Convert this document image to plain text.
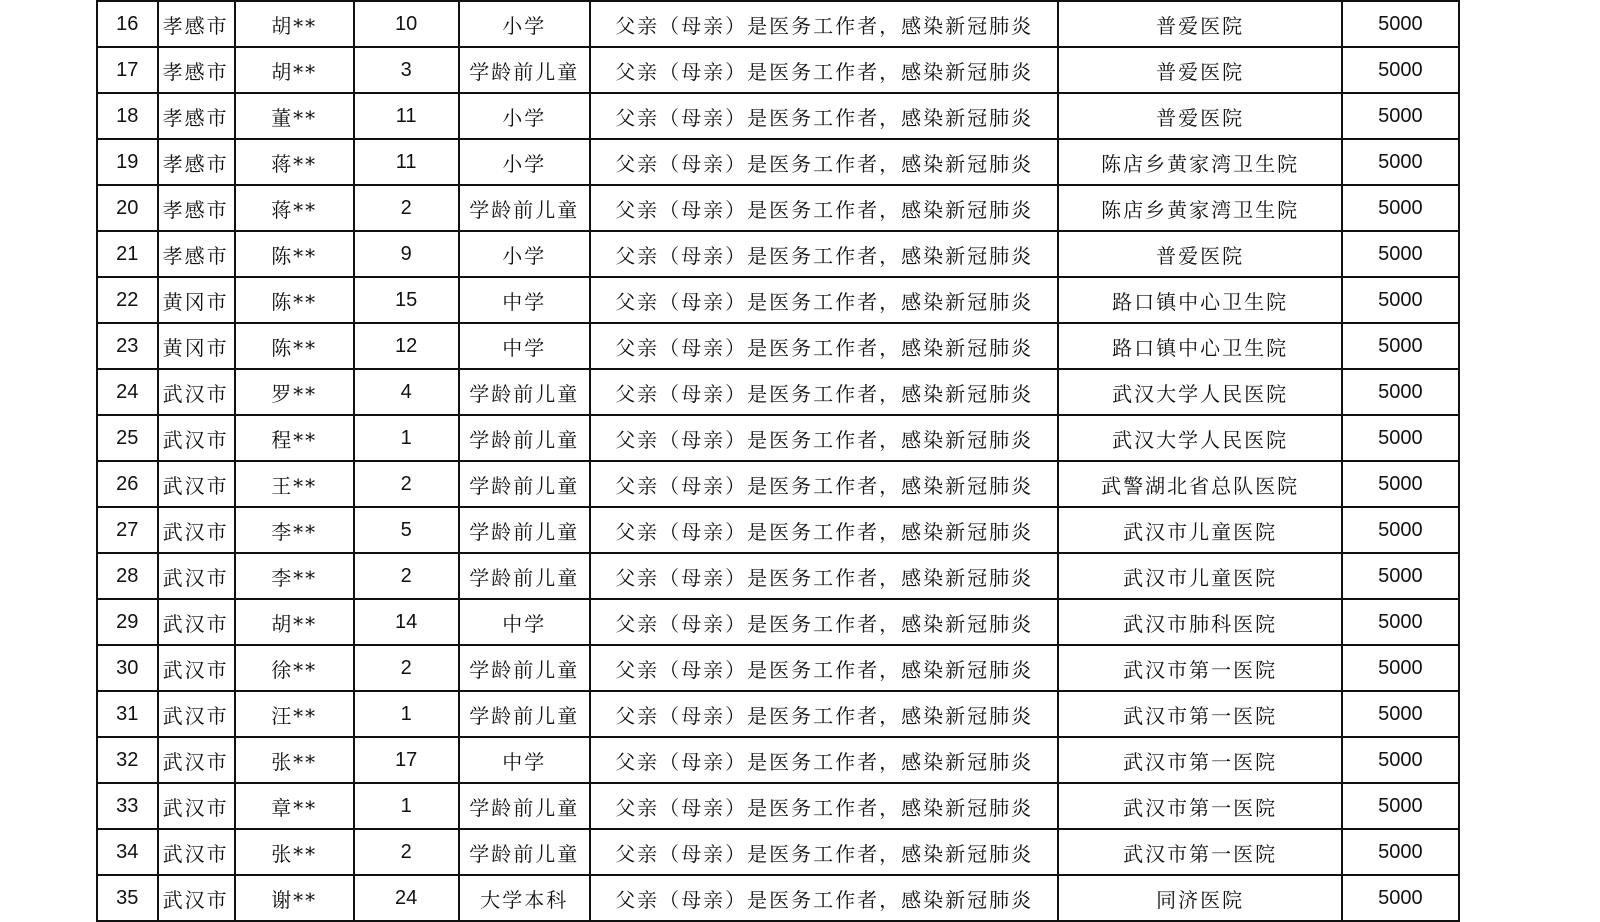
16	孝感市	胡**	10	小学	父亲（母亲）是医务工作者，感染新冠肺炎	普爱医院	5000
17	孝感市	胡**	3	学龄前儿童	父亲（母亲）是医务工作者，感染新冠肺炎	普爱医院	5000
18	孝感市	董**	11	小学	父亲（母亲）是医务工作者，感染新冠肺炎	普爱医院	5000
19	孝感市	蒋**	11	小学	父亲（母亲）是医务工作者，感染新冠肺炎	陈店乡黄家湾卫生院	5000
20	孝感市	蒋**	2	学龄前儿童	父亲（母亲）是医务工作者，感染新冠肺炎	陈店乡黄家湾卫生院	5000
21	孝感市	陈**	9	小学	父亲（母亲）是医务工作者，感染新冠肺炎	普爱医院	5000
22	黄冈市	陈**	15	中学	父亲（母亲）是医务工作者，感染新冠肺炎	路口镇中心卫生院	5000
23	黄冈市	陈**	12	中学	父亲（母亲）是医务工作者，感染新冠肺炎	路口镇中心卫生院	5000
24	武汉市	罗**	4	学龄前儿童	父亲（母亲）是医务工作者，感染新冠肺炎	武汉大学人民医院	5000
25	武汉市	程**	1	学龄前儿童	父亲（母亲）是医务工作者，感染新冠肺炎	武汉大学人民医院	5000
26	武汉市	王**	2	学龄前儿童	父亲（母亲）是医务工作者，感染新冠肺炎	武警湖北省总队医院	5000
27	武汉市	李**	5	学龄前儿童	父亲（母亲）是医务工作者，感染新冠肺炎	武汉市儿童医院	5000
28	武汉市	李**	2	学龄前儿童	父亲（母亲）是医务工作者，感染新冠肺炎	武汉市儿童医院	5000
29	武汉市	胡**	14	中学	父亲（母亲）是医务工作者，感染新冠肺炎	武汉市肺科医院	5000
30	武汉市	徐**	2	学龄前儿童	父亲（母亲）是医务工作者，感染新冠肺炎	武汉市第一医院	5000
31	武汉市	汪**	1	学龄前儿童	父亲（母亲）是医务工作者，感染新冠肺炎	武汉市第一医院	5000
32	武汉市	张**	17	中学	父亲（母亲）是医务工作者，感染新冠肺炎	武汉市第一医院	5000
33	武汉市	章**	1	学龄前儿童	父亲（母亲）是医务工作者，感染新冠肺炎	武汉市第一医院	5000
34	武汉市	张**	2	学龄前儿童	父亲（母亲）是医务工作者，感染新冠肺炎	武汉市第一医院	5000
35	武汉市	谢**	24	大学本科	父亲（母亲）是医务工作者，感染新冠肺炎	同济医院	5000
